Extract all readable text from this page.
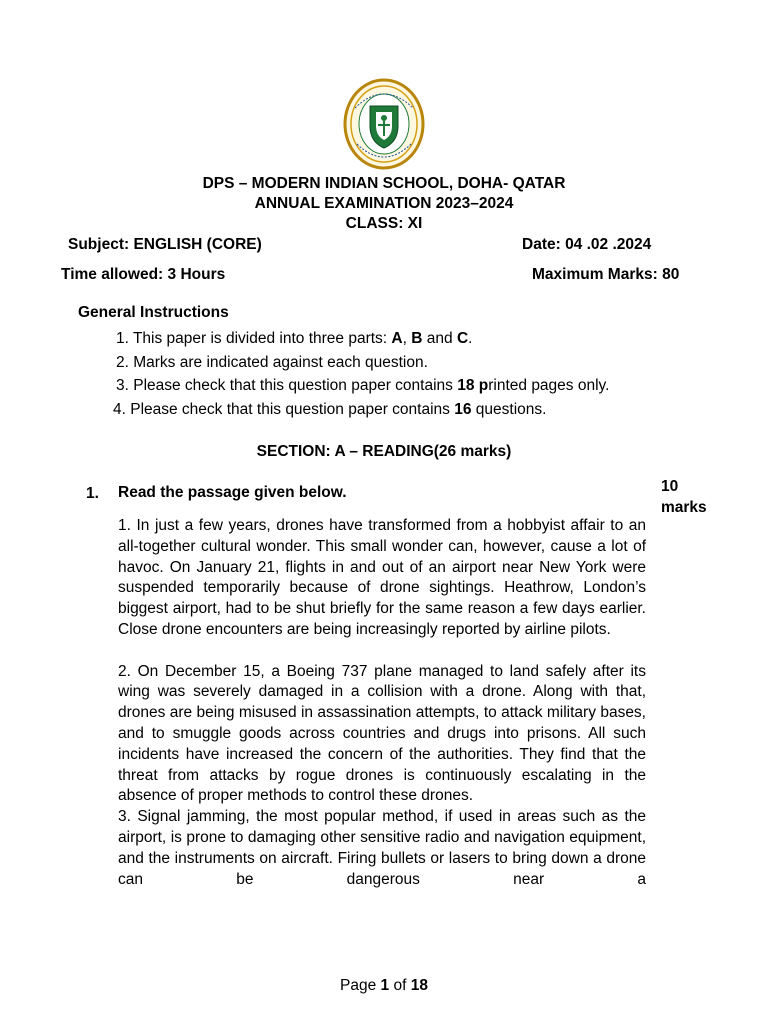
DPS – MODERN INDIAN SCHOOL, DOHA- QATAR
ANNUAL EXAMINATION 2023–2024
CLASS: XI
Subject: ENGLISH (CORE)	Date: 04 .02 .2024
Time allowed: 3 Hours	Maximum Marks: 80
General Instructions
1. This paper is divided into three parts: A, B and C.
2. Marks are indicated against each question.
3. Please check that this question paper contains 18 printed pages only.
4. Please check that this question paper contains 16 questions.
SECTION: A – READING(26 marks)
1. Read the passage given below.	10
marks

1. In just a few years, drones have transformed from a hobbyist affair to an all-together cultural wonder. This small wonder can, however, cause a lot of havoc. On January 21, flights in and out of an airport near New York were suspended temporarily because of drone sightings. Heathrow, London’s biggest airport, had to be shut briefly for the same reason a few days earlier. Close drone encounters are being increasingly reported by airline pilots.

2. On December 15, a Boeing 737 plane managed to land safely after its wing was severely damaged in a collision with a drone. Along with that, drones are being misused in assassination attempts, to attack military bases, and to smuggle goods across countries and drugs into prisons. All such incidents have increased the concern of the authorities. They find that the threat from attacks by rogue drones is continuously escalating in the absence of proper methods to control these drones.

3. Signal jamming, the most popular method, if used in areas such as the airport, is prone to damaging other sensitive radio and navigation equipment, and the instruments on aircraft. Firing bullets or lasers to bring down a drone can be dangerous near a

Page 1 of 18
